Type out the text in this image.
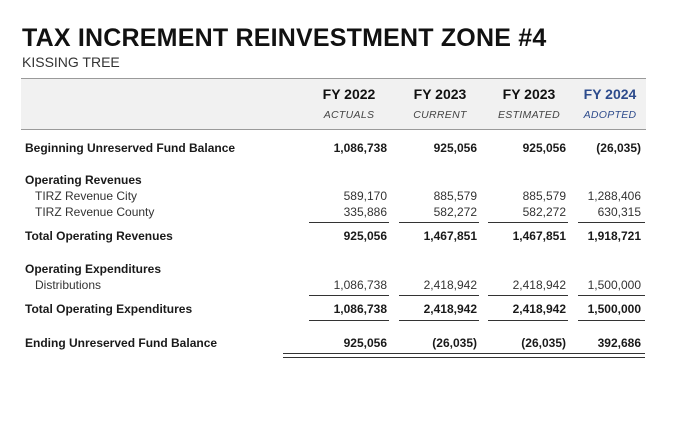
TAX INCREMENT REINVESTMENT ZONE #4
KISSING TREE
FY 2022	FY 2023	FY 2023	FY 2024
ACTUALS	CURRENT	ESTIMATED	ADOPTED
Beginning Unreserved Fund Balance	1,086,738	925,056	925,056	(26,035)
Operating Revenues
TIRZ Revenue City	589,170	885,579	885,579	1,288,406
TIRZ Revenue County	335,886	582,272	582,272	630,315
Total Operating Revenues	925,056	1,467,851	1,467,851	1,918,721
Operating Expenditures
Distributions	1,086,738	2,418,942	2,418,942	1,500,000
Total Operating Expenditures	1,086,738	2,418,942	2,418,942	1,500,000
Ending Unreserved Fund Balance	925,056	(26,035)	(26,035)	392,686
